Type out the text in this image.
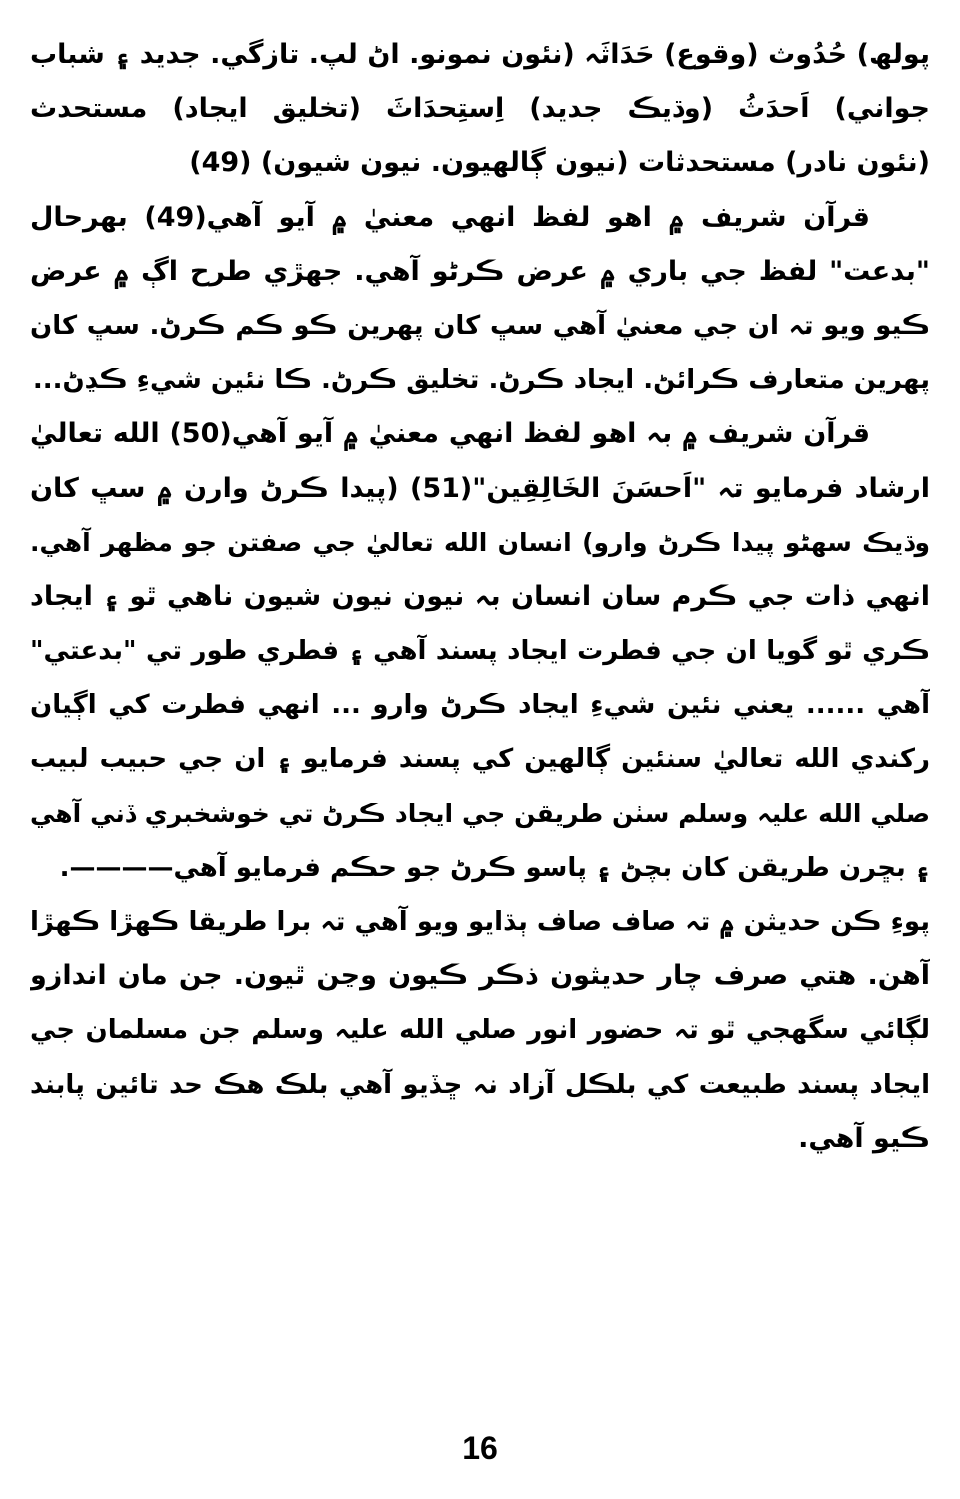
پولھ) حُدُوث (وقوع) حَدَاثَہ (نئون نمونو. اڻ لپ. تازگي. جديد ۽ شباب
جواني) اَحدَثُ (وڌيڪ جديد) اِستِحدَاثَ (تخليق ايجاد) مستحدث
(نئون نادر) مستحدثات (نيون ڳالھيون. نيون شيون) (49)
قرآن شريف ۾ اھو لفظ انھي معنيٰ ۾ آيو آھي(49) بھرحال
"بدعت" لفظ جي باري ۾ عرض ڪرڻو آھي. جھڙي طرح اڳ ۾ عرض
ڪيو ويو تہ ان جي معنيٰ آھي سڀ کان پھرين ڪو ڪم ڪرڻ. سڀ کان
پھرين متعارف ڪرائڻ. ايجاد ڪرڻ. تخليق ڪرڻ. ڪا نئين شيءِ ڪڍڻ...
قرآن شريف ۾ بہ اھو لفظ انھي معنيٰ ۾ آيو آھي(50) الله تعاليٰ
ارشاد فرمايو تہ "اَحسَنَ الخَالِقِين"(51) (پيدا ڪرڻ وارن ۾ سڀ کان
وڌيڪ سھڻو پيدا ڪرڻ وارو) انسان الله تعاليٰ جي صفتن جو مظھر آھي.
انھي ذات جي ڪرم سان انسان بہ نيون نيون شيون ناھي ٿو ۽ ايجاد
ڪري ٿو گويا ان جي فطرت ايجاد پسند آھي ۽ فطري طور تي "بدعتي"
آھي ...... يعني نئين شيءِ ايجاد ڪرڻ وارو ... انھي فطرت کي اڳيان
رکندي الله تعاليٰ سنئين ڳالھين کي پسند فرمايو ۽ ان جي حبيب لبيب
صلي الله عليہ وسلم سٺن طريقن جي ايجاد ڪرڻ تي خوشخبري ڏني آھي
۽ بڇرن طريقن کان بچڻ ۽ پاسو ڪرڻ جو حڪم فرمايو آھي————.
پوءِ ڪن حديثن ۾ تہ صاف صاف ٻڌايو ويو آھي تہ برا طريقا ڪھڙا ڪھڙا
آھن. ھتي صرف چار حديثون ذڪر ڪيون وڃن ٿيون. جن مان اندازو
لڳائي سگھجي ٿو تہ حضور انور صلي الله عليہ وسلم جن مسلمان جي
ايجاد پسند طبيعت کي بلڪل آزاد نہ ڇڏيو آھي بلڪ ھڪ حد تائين پابند
ڪيو آھي.
16
